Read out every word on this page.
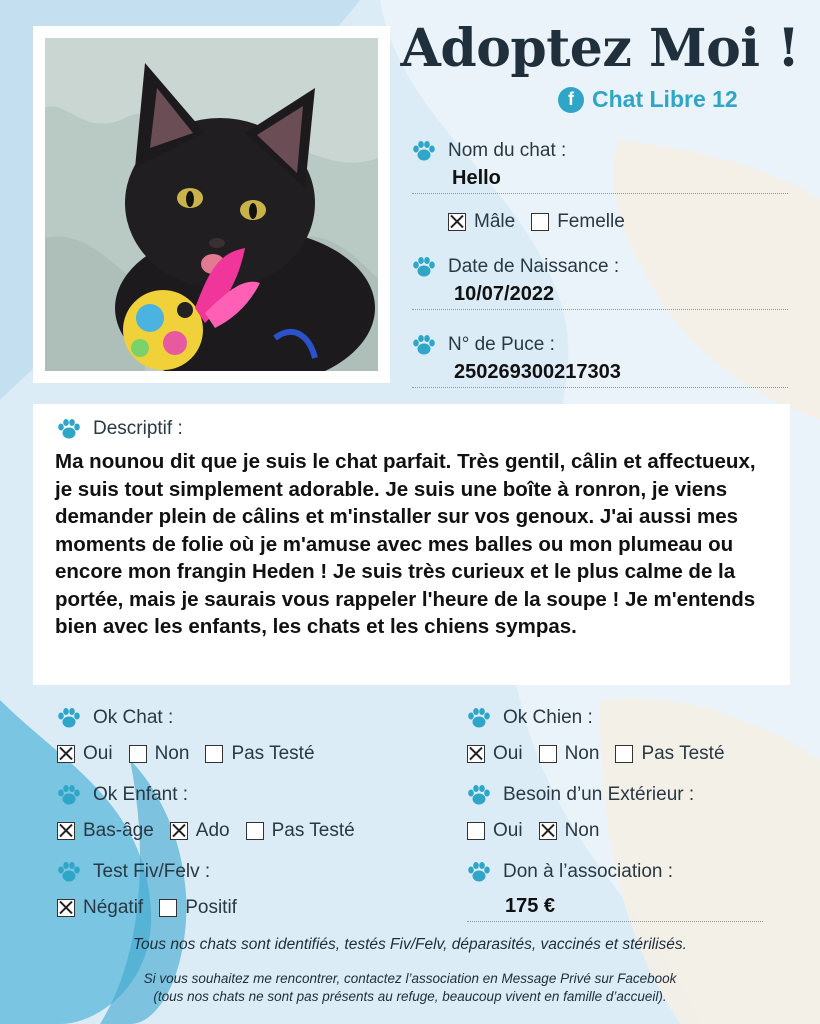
Adoptez Moi !
f Chat Libre 12
Nom du chat :
Hello
Mâle Femelle
Date de Naissance :
10/07/2022
N° de Puce :
250269300217303
Descriptif :
Ma nounou dit que je suis le chat parfait. Très gentil, câlin et affectueux, je suis tout simplement adorable. Je suis une boîte à ronron, je viens demander plein de câlins et m'installer sur vos genoux. J'ai aussi mes moments de folie où je m'amuse avec mes balles ou mon plumeau ou encore mon frangin Heden ! Je suis très curieux et le plus calme de la portée, mais je saurais vous rappeler l'heure de la soupe ! Je m'entends bien avec les enfants, les chats et les chiens sympas.
Ok Chat :
Oui Non Pas Testé
Ok Chien :
Oui Non Pas Testé
Ok Enfant :
Bas-âge Ado Pas Testé
Besoin d’un Extérieur :
Oui Non
Test Fiv/Felv :
Négatif Positif
Don à l’association :
175 €
Tous nos chats sont identifiés, testés Fiv/Felv, déparasités, vaccinés et stérilisés.
Si vous souhaitez me rencontrer, contactez l’association en Message Privé sur Facebook
(tous nos chats ne sont pas présents au refuge, beaucoup vivent en famille d’accueil).
